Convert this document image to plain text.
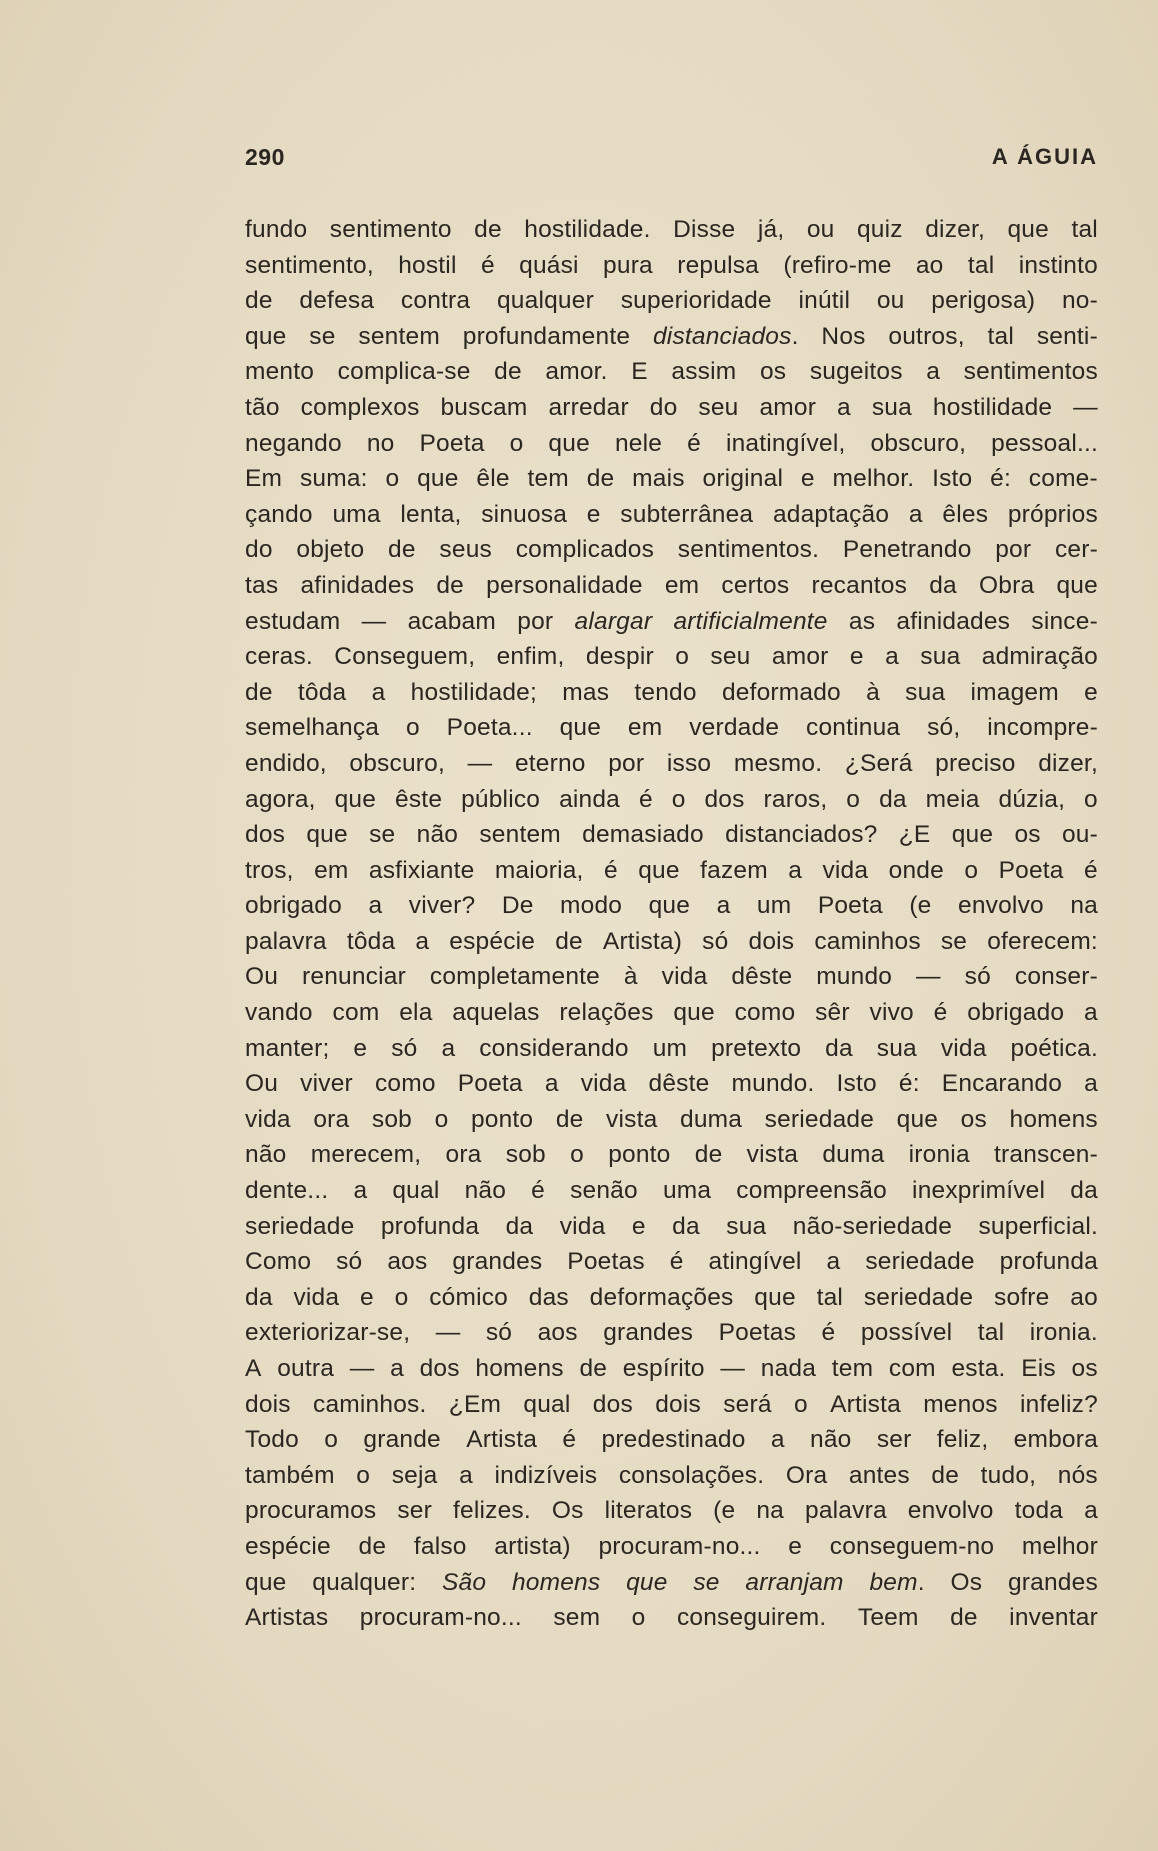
290	A ÁGUIA
fundo sentimento de hostilidade. Disse já, ou quiz dizer, que tal
sentimento, hostil é quási pura repulsa (refiro-me ao tal instinto
de defesa contra qualquer superioridade inútil ou perigosa) no-
que se sentem profundamente distanciados. Nos outros, tal senti-
mento complica-se de amor. E assim os sugeitos a sentimentos
tão complexos buscam arredar do seu amor a sua hostilidade —
negando no Poeta o que nele é inatingível, obscuro, pessoal...
Em suma: o que êle tem de mais original e melhor. Isto é: come-
çando uma lenta, sinuosa e subterrânea adaptação a êles próprios
do objeto de seus complicados sentimentos. Penetrando por cer-
tas afinidades de personalidade em certos recantos da Obra que
estudam — acabam por alargar artificialmente as afinidades since-
ceras. Conseguem, enfim, despir o seu amor e a sua admiração
de tôda a hostilidade; mas tendo deformado à sua imagem e
semelhança o Poeta... que em verdade continua só, incompre-
endido, obscuro, — eterno por isso mesmo. ¿Será preciso dizer,
agora, que êste público ainda é o dos raros, o da meia dúzia, o
dos que se não sentem demasiado distanciados? ¿E que os ou-
tros, em asfixiante maioria, é que fazem a vida onde o Poeta é
obrigado a viver? De modo que a um Poeta (e envolvo na
palavra tôda a espécie de Artista) só dois caminhos se oferecem:
Ou renunciar completamente à vida dêste mundo — só conser-
vando com ela aquelas relações que como sêr vivo é obrigado a
manter; e só a considerando um pretexto da sua vida poética.
Ou viver como Poeta a vida dêste mundo. Isto é: Encarando a
vida ora sob o ponto de vista duma seriedade que os homens
não merecem, ora sob o ponto de vista duma ironia transcen-
dente... a qual não é senão uma compreensão inexprimível da
seriedade profunda da vida e da sua não-seriedade superficial.
Como só aos grandes Poetas é atingível a seriedade profunda
da vida e o cómico das deformações que tal seriedade sofre ao
exteriorizar-se, — só aos grandes Poetas é possível tal ironia.
A outra — a dos homens de espírito — nada tem com esta. Eis os
dois caminhos. ¿Em qual dos dois será o Artista menos infeliz?
Todo o grande Artista é predestinado a não ser feliz, embora
também o seja a indizíveis consolações. Ora antes de tudo, nós
procuramos ser felizes. Os literatos (e na palavra envolvo toda a
espécie de falso artista) procuram-no... e conseguem-no melhor
que qualquer: São homens que se arranjam bem. Os grandes
Artistas procuram-no... sem o conseguirem. Teem de inventar
